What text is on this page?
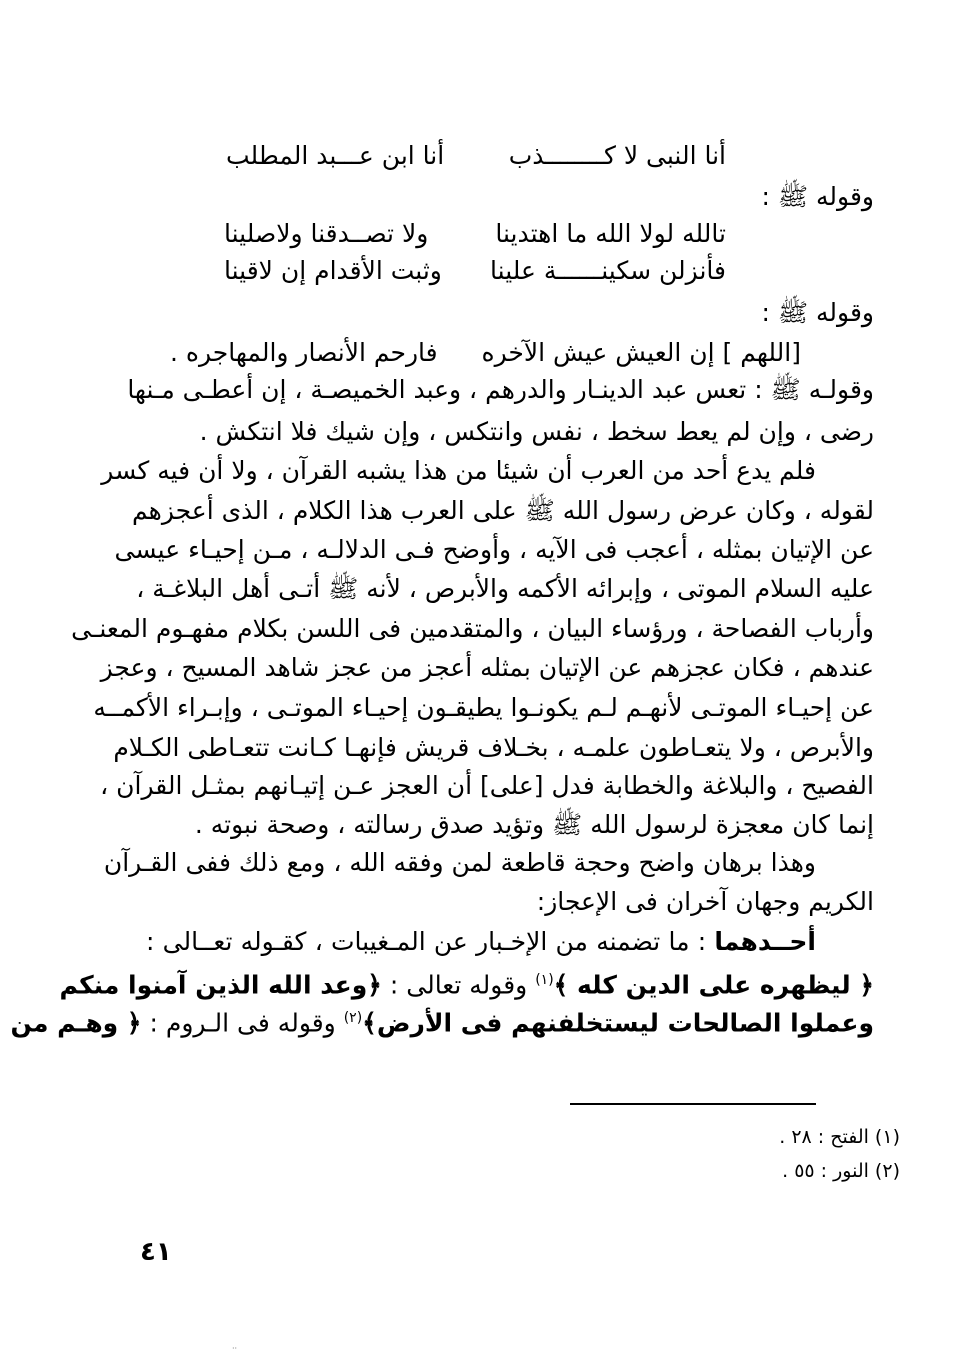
أنا النبى لا كــــــــذب
أنا ابن عـــبد المطلب
وقوله ﷺ :
تالله لولا الله ما اهتدينا
ولا تصــدقنا ولاصلينا
فأنزلن سكينــــــة علينا
وثبت الأقدام إن لاقينا
وقوله ﷺ :
[اللهم ] إن العيش عيش الآخره
فارحم الأنصار والمهاجره .
وقولـه ﷺ : تعس عبد الدينـار والدرهم ، وعبد الخميصـة ، إن أعطـى مـنها
رضى ، وإن لم يعط سخط ، نفس وانتكس ، وإن شيك فلا انتكش .
فلم يدع أحد من العرب أن شيئا من هذا يشبه القرآن ، ولا أن فيه كسر
لقوله ، وكان عرض رسول الله ﷺ على العرب هذا الكلام ، الذى أعجزهم
عن الإتيان بمثله ، أعجب فى الآيه ، وأوضح فـى الدلالـه ، مـن إحيـاء عيسى
عليه السلام الموتى ، وإبرائه الأكمه والأبرص ، لأنه ﷺ أتـى أهل البلاغـة ،
وأرباب الفصاحة ، ورؤساء البيان ، والمتقدمين فى اللسن بكلام مفهـوم المعنـى
عندهم ، فكان عجزهم عن الإتيان بمثله أعجز من عجز شاهد المسيح ، وعجز
عن إحيـاء الموتـى لأنهـم لـم يكونـوا يطيقـون إحيـاء الموتـى ، وإبـراء الأكمــه
والأبرص ، ولا يتعـاطون علمـه ، بخـلاف قريش فإنهـا كـانت تتعـاطى الكـلام
الفصيح ، والبلاغة والخطابة فدل [على] أن العجز عـن إتيـانهم بمثـل القرآن ،
إنما كان معجزة لرسول الله ﷺ وتؤيد صدق رسالته ، وصحة نبوته .
وهذا برهان واضح وحجة قاطعة لمن وفقه الله ، ومع ذلك ففى القـرآن
الكريم وجهان آخران فى الإعجاز:
أحــدهما : ما تضمنه من الإخـبار عن المـغيبات ، كقـوله تعــالى :
﴿ ليظهره على الدين كله ﴾$^{(١)}$ وقوله تعالى : ﴿وعد الله الذين آمنوا منكم
وعملوا الصالحات ليستخلفنهم فى الأرض﴾$^{(٢)}$ وقوله فى الـروم : ﴿ وهـم من
(١) الفتح : ٢٨ .
(٢) النور : ٥٥ .
٤١
··
